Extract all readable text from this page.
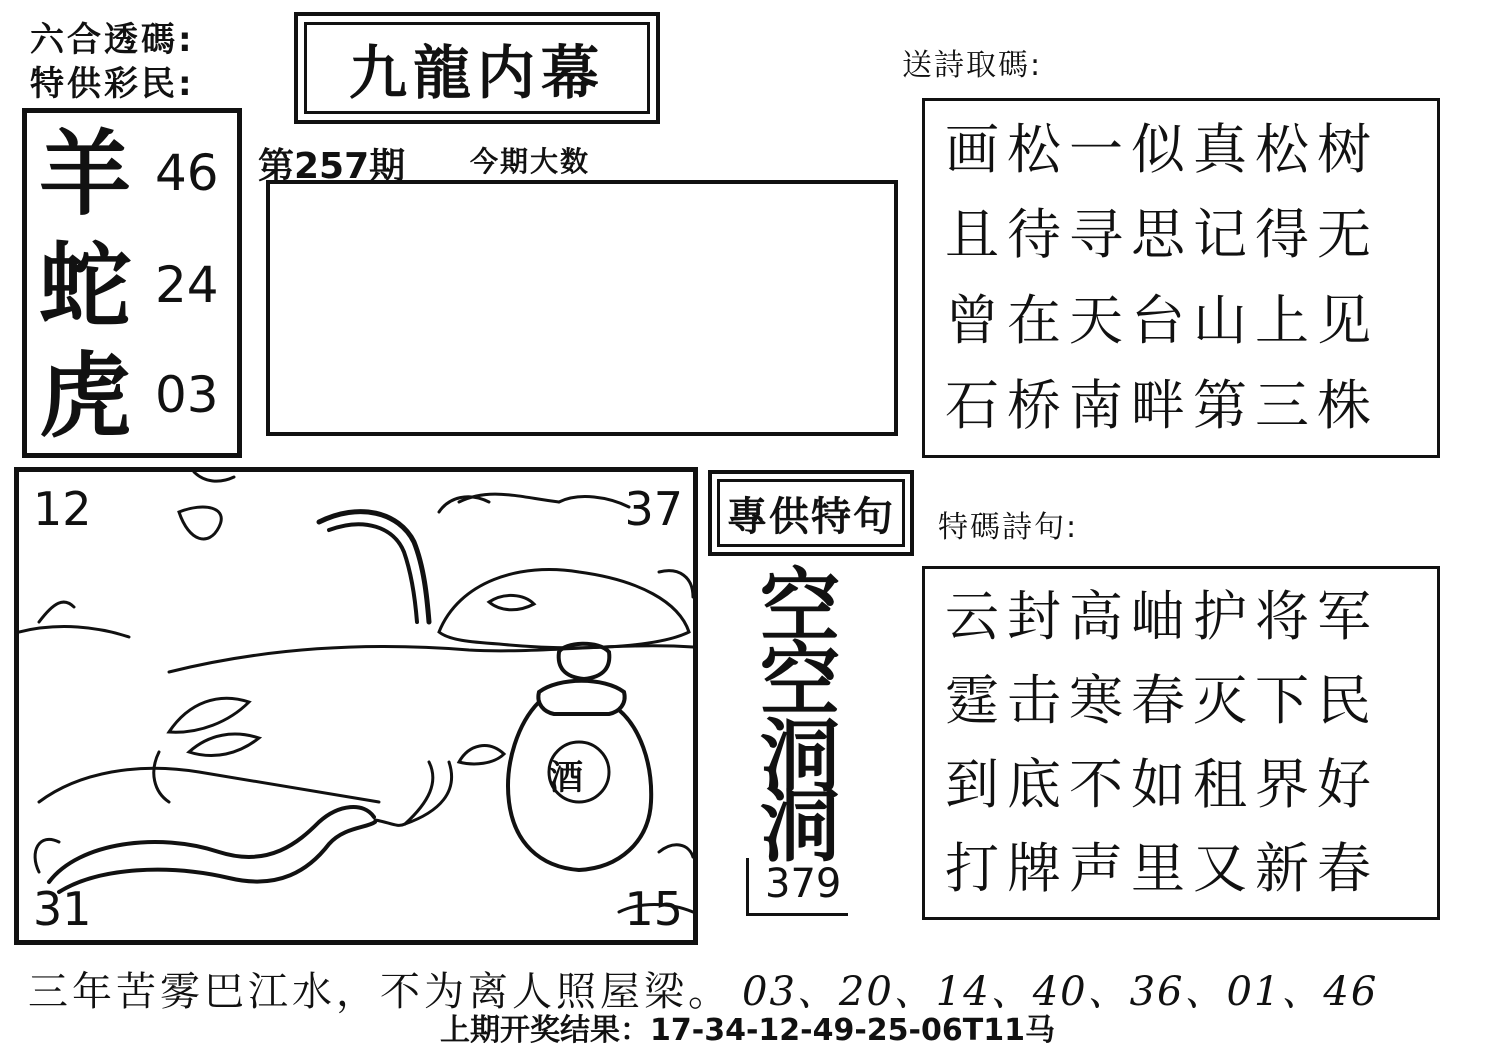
六合透碼:
特供彩民:	九龍内幕
羊 46
蛇 24
虎 03
第257期 今期大数
送詩取碼:
画松一似真松树
且待寻思记得无
曾在天台山上见
石桥南畔第三株
酒
12	37
31	15
專供特句
空
空
洞
洞
379
特碼詩句:
云封高岫护将军
霆击寒春灭下民
到底不如租界好
打牌声里又新春
三年苦雾巴江水，不为离人照屋梁。 03、20、14、40、36、01、46
上期开奖结果：17-34-12-49-25-06T11马
